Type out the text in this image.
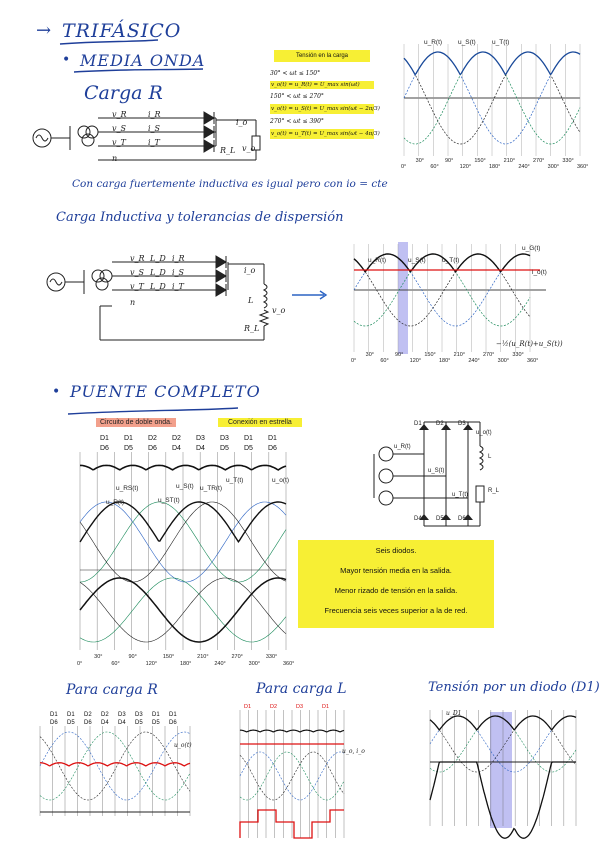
→ TRIFÁSICO
• MEDIA ONDA
Carga R
Con carga fuertemente inductiva es igual pero con io = cte
Carga Inductiva y tolerancias de dispersión
• PUENTE COMPLETO
Para carga R	Para carga L	Tensión por un diodo (D1)
v_R
v_S
v_T
n
i_R
i_S
i_T
i_o
R_L v_o
Tensión en la carga
30° < ωt ≤ 150°
v_o(t) = u_R(t) = U_max sin(ωt)
150° < ωt ≤ 270°
v_o(t) = u_S(t) = U_max sin(ωt − 2π/3)
270° < ωt ≤ 390°
v_o(t) = u_T(t) = U_max sin(ωt − 4π/3)
u_R(t) u_S(t)	u_T(t)
0°	60°	120°	180°	240°	300°	360°
30°	90°	150°	210°	270°	330°
v_R
v_S
v_T
n
L_D
L_D
L_D
i_R
i_S
i_T
i_o
L
R_L
v_o
u_R(t)	u_S(t)	u_T(t)
i_o(t)
u_G(t)
0°	60°	120°	180°	240°	300°	360°
30°	90°	150°	210°	270°	330°
−½(u_R(t)+u_S(t))
Circuito de doble onda.	Conexión en estrella
D1 D1 D2 D2 D3 D3 D1 D1
D6 D5 D6 D4 D4 D5 D5 D6
u_RS(t)
u_ST(t)
u_TR(t)
u_o(t)
u_R(t)
u_S(t)
u_T(t)
0°	60°	120°	180°	240°	300°	360°
30°	90°	150°	210°	270°	330°
D1 D2 D3
D4 D5 D6
u_R(t)
u_S(t)
u_T(t)
u_o(t)
L
R_L
Seis diodos.
Mayor tensión media en la salida.
Menor rizado de tensión en la salida.
Frecuencia seis veces superior a la de red.
D1 D1 D2 D2 D3 D3 D1 D1
D6 D5 D6 D4 D4 D5 D5 D6
u_o(t)
D1	D2	D3	D1
u_o, i_o
u_D1
